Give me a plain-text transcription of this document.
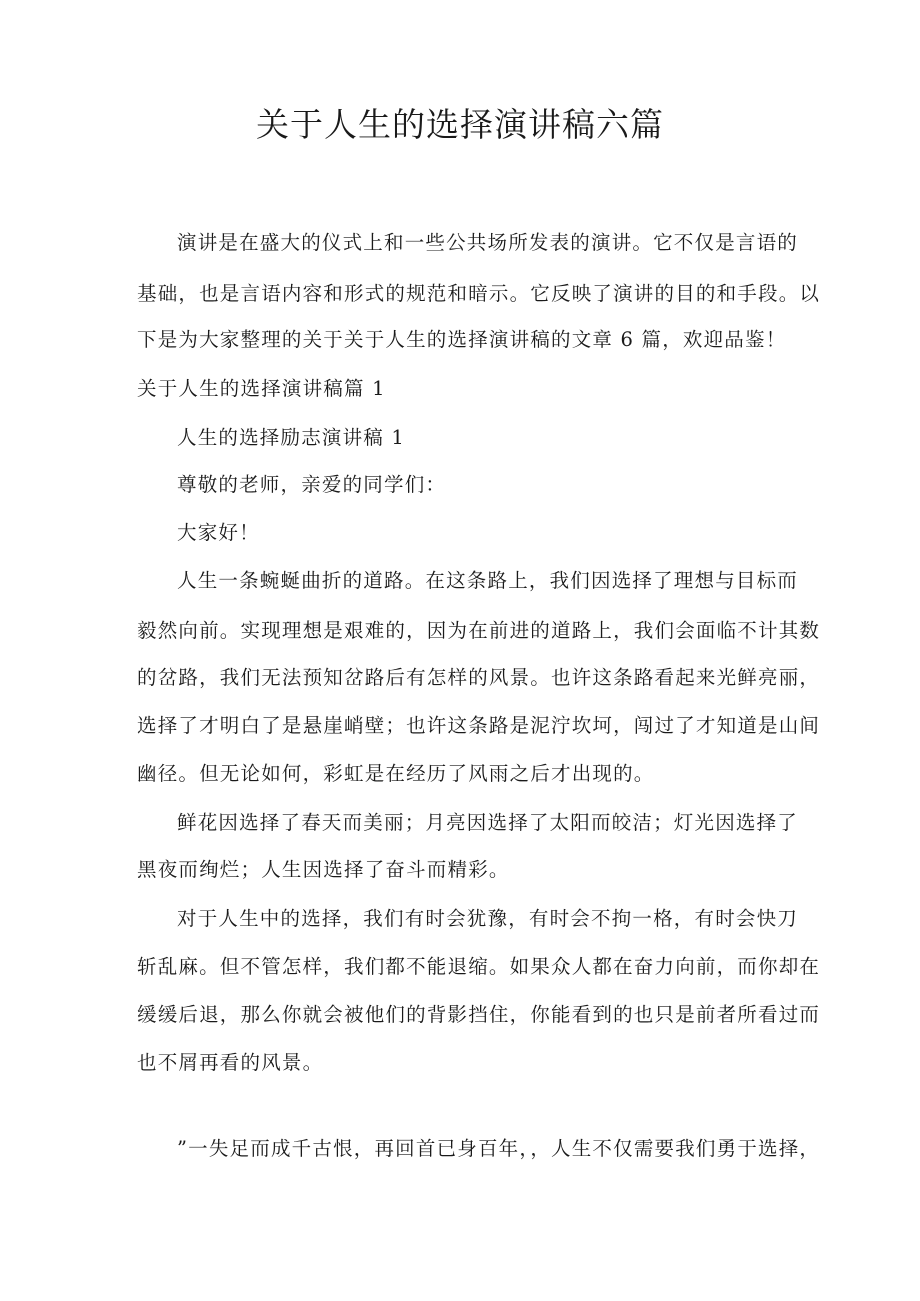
关于人生的选择演讲稿六篇

演讲是在盛大的仪式上和一些公共场所发表的演讲。它不仅是言语的

基础，也是言语内容和形式的规范和暗示。它反映了演讲的目的和手段。以

下是为大家整理的关于关于人生的选择演讲稿的文章 6 篇，欢迎品鉴！

关于人生的选择演讲稿篇 1

人生的选择励志演讲稿 1

尊敬的老师，亲爱的同学们：

大家好！

人生一条蜿蜒曲折的道路。在这条路上，我们因选择了理想与目标而

毅然向前。实现理想是艰难的，因为在前进的道路上，我们会面临不计其数

的岔路，我们无法预知岔路后有怎样的风景。也许这条路看起来光鲜亮丽，

选择了才明白了是悬崖峭壁；也许这条路是泥泞坎坷，闯过了才知道是山间

幽径。但无论如何，彩虹是在经历了风雨之后才出现的。

鲜花因选择了春天而美丽；月亮因选择了太阳而皎洁；灯光因选择了

黑夜而绚烂；人生因选择了奋斗而精彩。

对于人生中的选择，我们有时会犹豫，有时会不拘一格，有时会快刀

斩乱麻。但不管怎样，我们都不能退缩。如果众人都在奋力向前，而你却在

缓缓后退，那么你就会被他们的背影挡住，你能看到的也只是前者所看过而

也不屑再看的风景。

”一失足而成千古恨，再回首已身百年，，人生不仅需要我们勇于选择，
